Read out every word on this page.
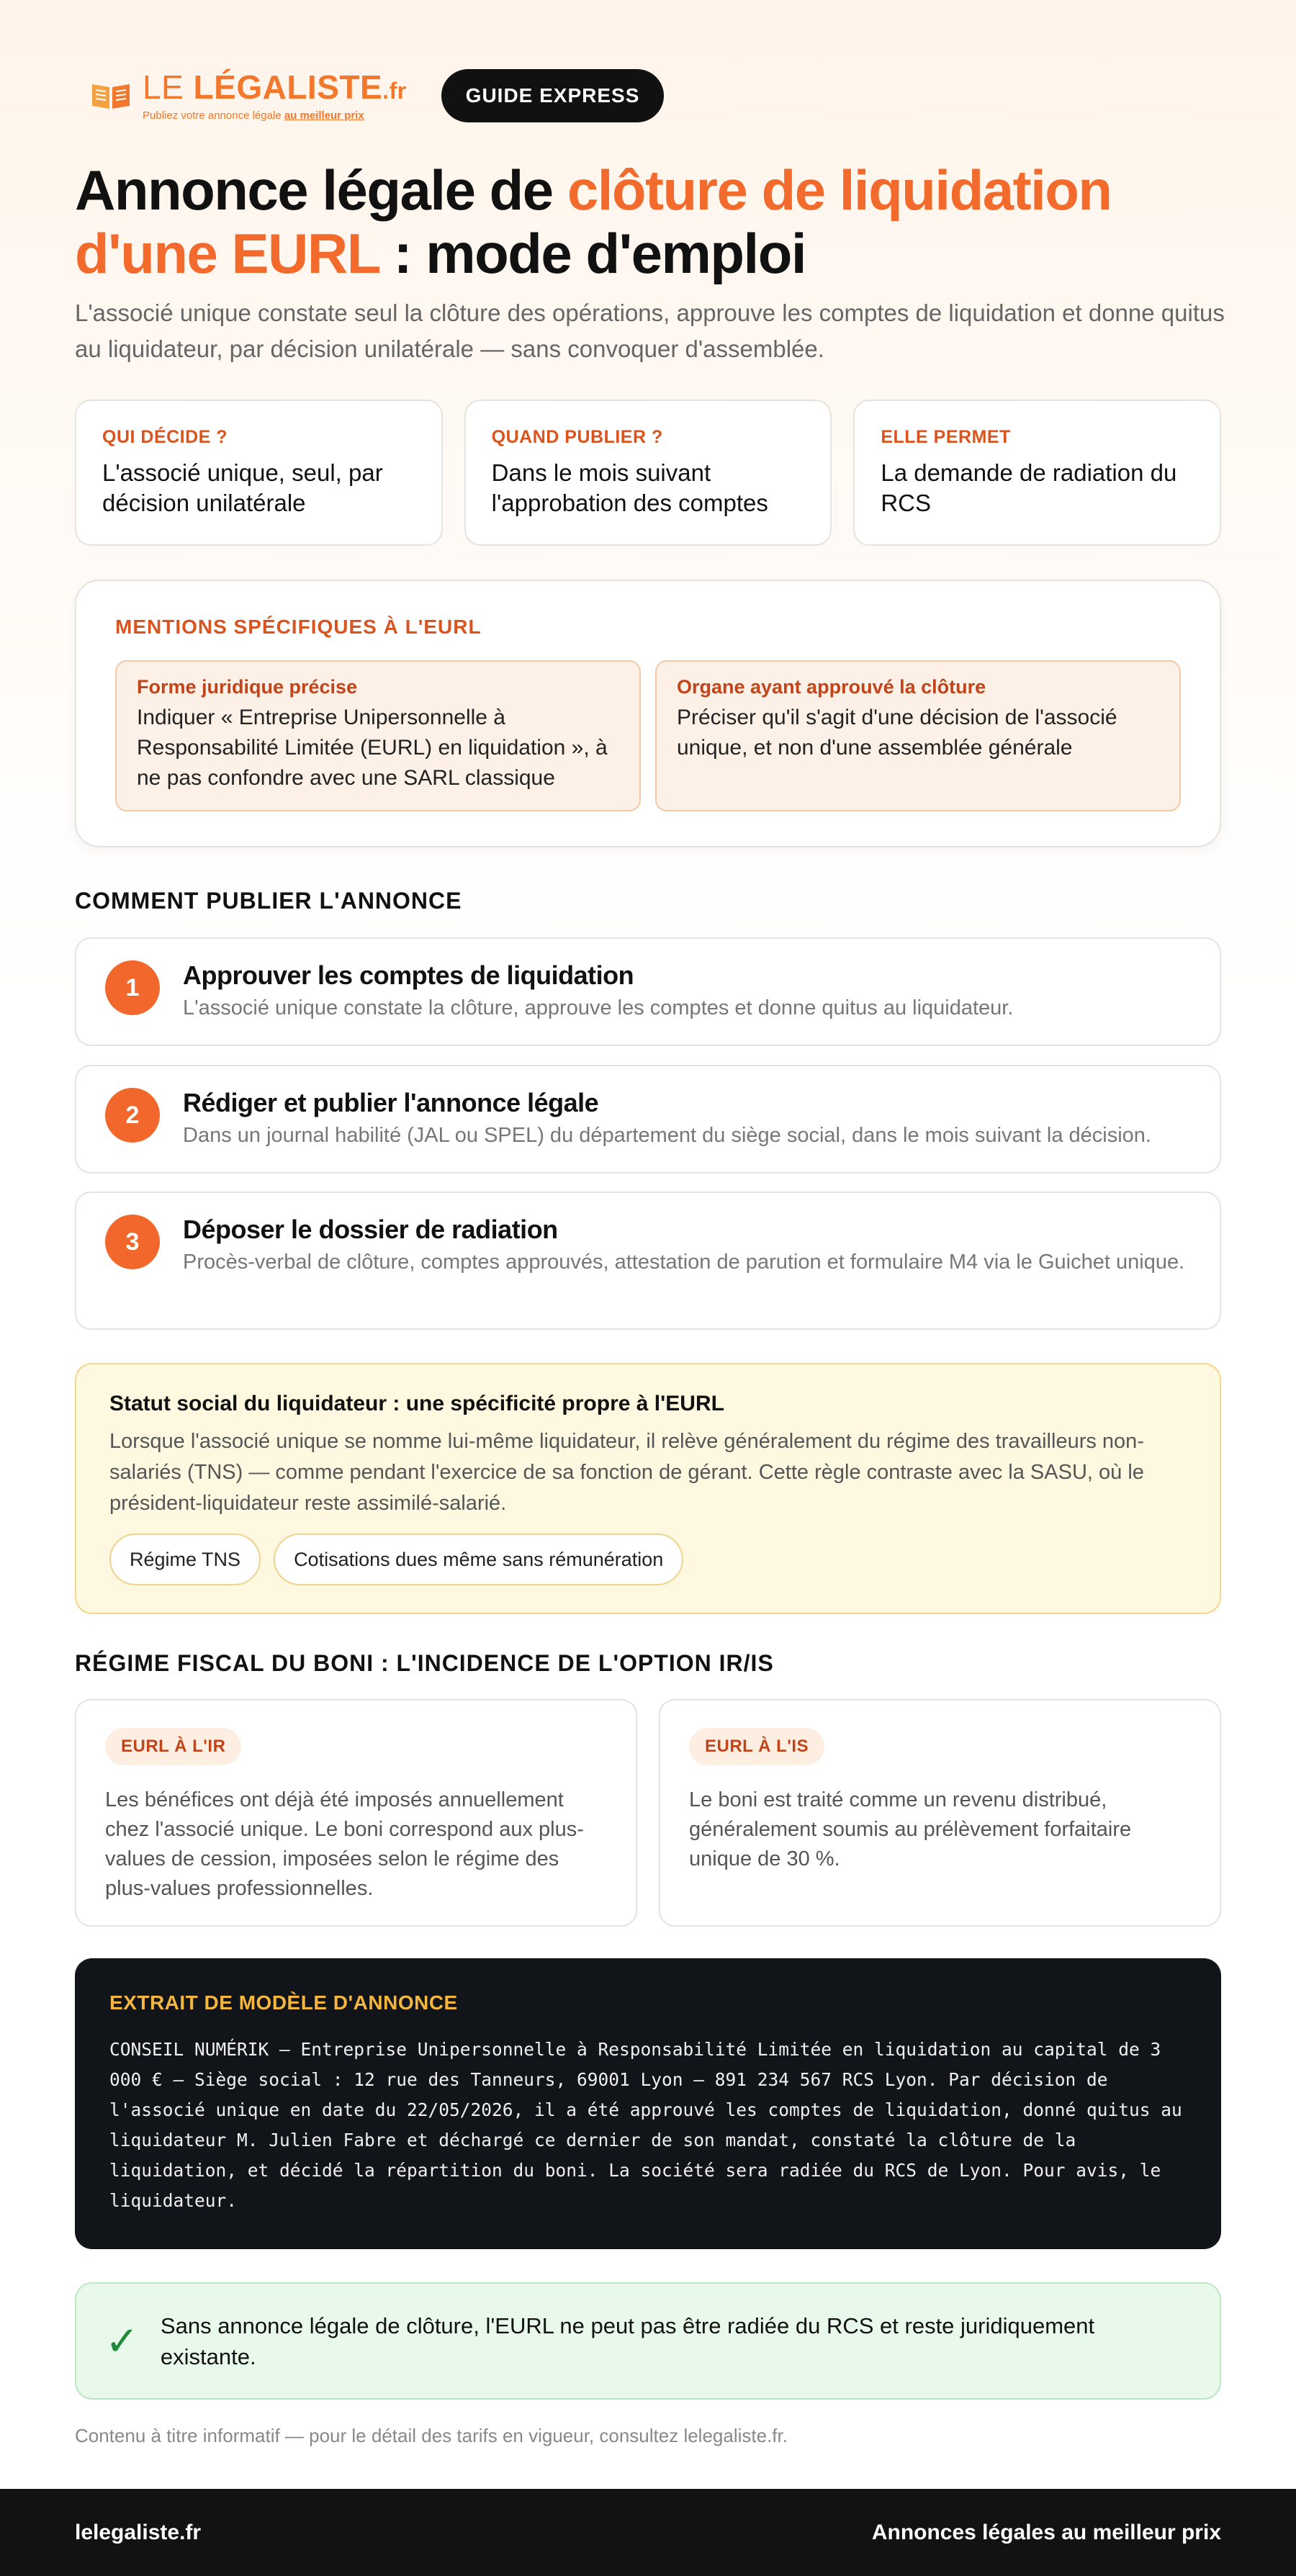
LE LÉGALISTE.fr
Publiez votre annonce légale au meilleur prix
GUIDE EXPRESS
Annonce légale de clôture de liquidation d'une EURL : mode d'emploi
L'associé unique constate seul la clôture des opérations, approuve les comptes de liquidation et donne quitus au liquidateur, par décision unilatérale — sans convoquer d'assemblée.
QUI DÉCIDE ?
L'associé unique, seul, par décision unilatérale
QUAND PUBLIER ?
Dans le mois suivant l'approbation des comptes
ELLE PERMET
La demande de radiation du RCS
MENTIONS SPÉCIFIQUES À L'EURL
Forme juridique précise
Indiquer « Entreprise Unipersonnelle à Responsabilité Limitée (EURL) en liquidation », à ne pas confondre avec une SARL classique
Organe ayant approuvé la clôture
Préciser qu'il s'agit d'une décision de l'associé unique, et non d'une assemblée générale
COMMENT PUBLIER L'ANNONCE
1	Approuver les comptes de liquidation
L'associé unique constate la clôture, approuve les comptes et donne quitus au liquidateur.
2	Rédiger et publier l'annonce légale
Dans un journal habilité (JAL ou SPEL) du département du siège social, dans le mois suivant la décision.
3	Déposer le dossier de radiation
Procès-verbal de clôture, comptes approuvés, attestation de parution et formulaire M4 via le Guichet unique.
Statut social du liquidateur : une spécificité propre à l'EURL
Lorsque l'associé unique se nomme lui-même liquidateur, il relève généralement du régime des travailleurs non-salariés (TNS) — comme pendant l'exercice de sa fonction de gérant. Cette règle contraste avec la SASU, où le président-liquidateur reste assimilé-salarié.
Régime TNS	Cotisations dues même sans rémunération
RÉGIME FISCAL DU BONI : L'INCIDENCE DE L'OPTION IR/IS
EURL À L'IR
Les bénéfices ont déjà été imposés annuellement chez l'associé unique. Le boni correspond aux plus-values de cession, imposées selon le régime des plus-values professionnelles.
EURL À L'IS
Le boni est traité comme un revenu distribué, généralement soumis au prélèvement forfaitaire unique de 30 %.
EXTRAIT DE MODÈLE D'ANNONCE
CONSEIL NUMÉRIK — Entreprise Unipersonnelle à Responsabilité Limitée en liquidation au capital de 3 000 € — Siège social : 12 rue des Tanneurs, 69001 Lyon — 891 234 567 RCS Lyon. Par décision de l'associé unique en date du 22/05/2026, il a été approuvé les comptes de liquidation, donné quitus au liquidateur M. Julien Fabre et déchargé ce dernier de son mandat, constaté la clôture de la liquidation, et décidé la répartition du boni. La société sera radiée du RCS de Lyon. Pour avis, le liquidateur.
✓ Sans annonce légale de clôture, l'EURL ne peut pas être radiée du RCS et reste juridiquement existante.
Contenu à titre informatif — pour le détail des tarifs en vigueur, consultez lelegaliste.fr.
lelegaliste.fr	Annonces légales au meilleur prix
